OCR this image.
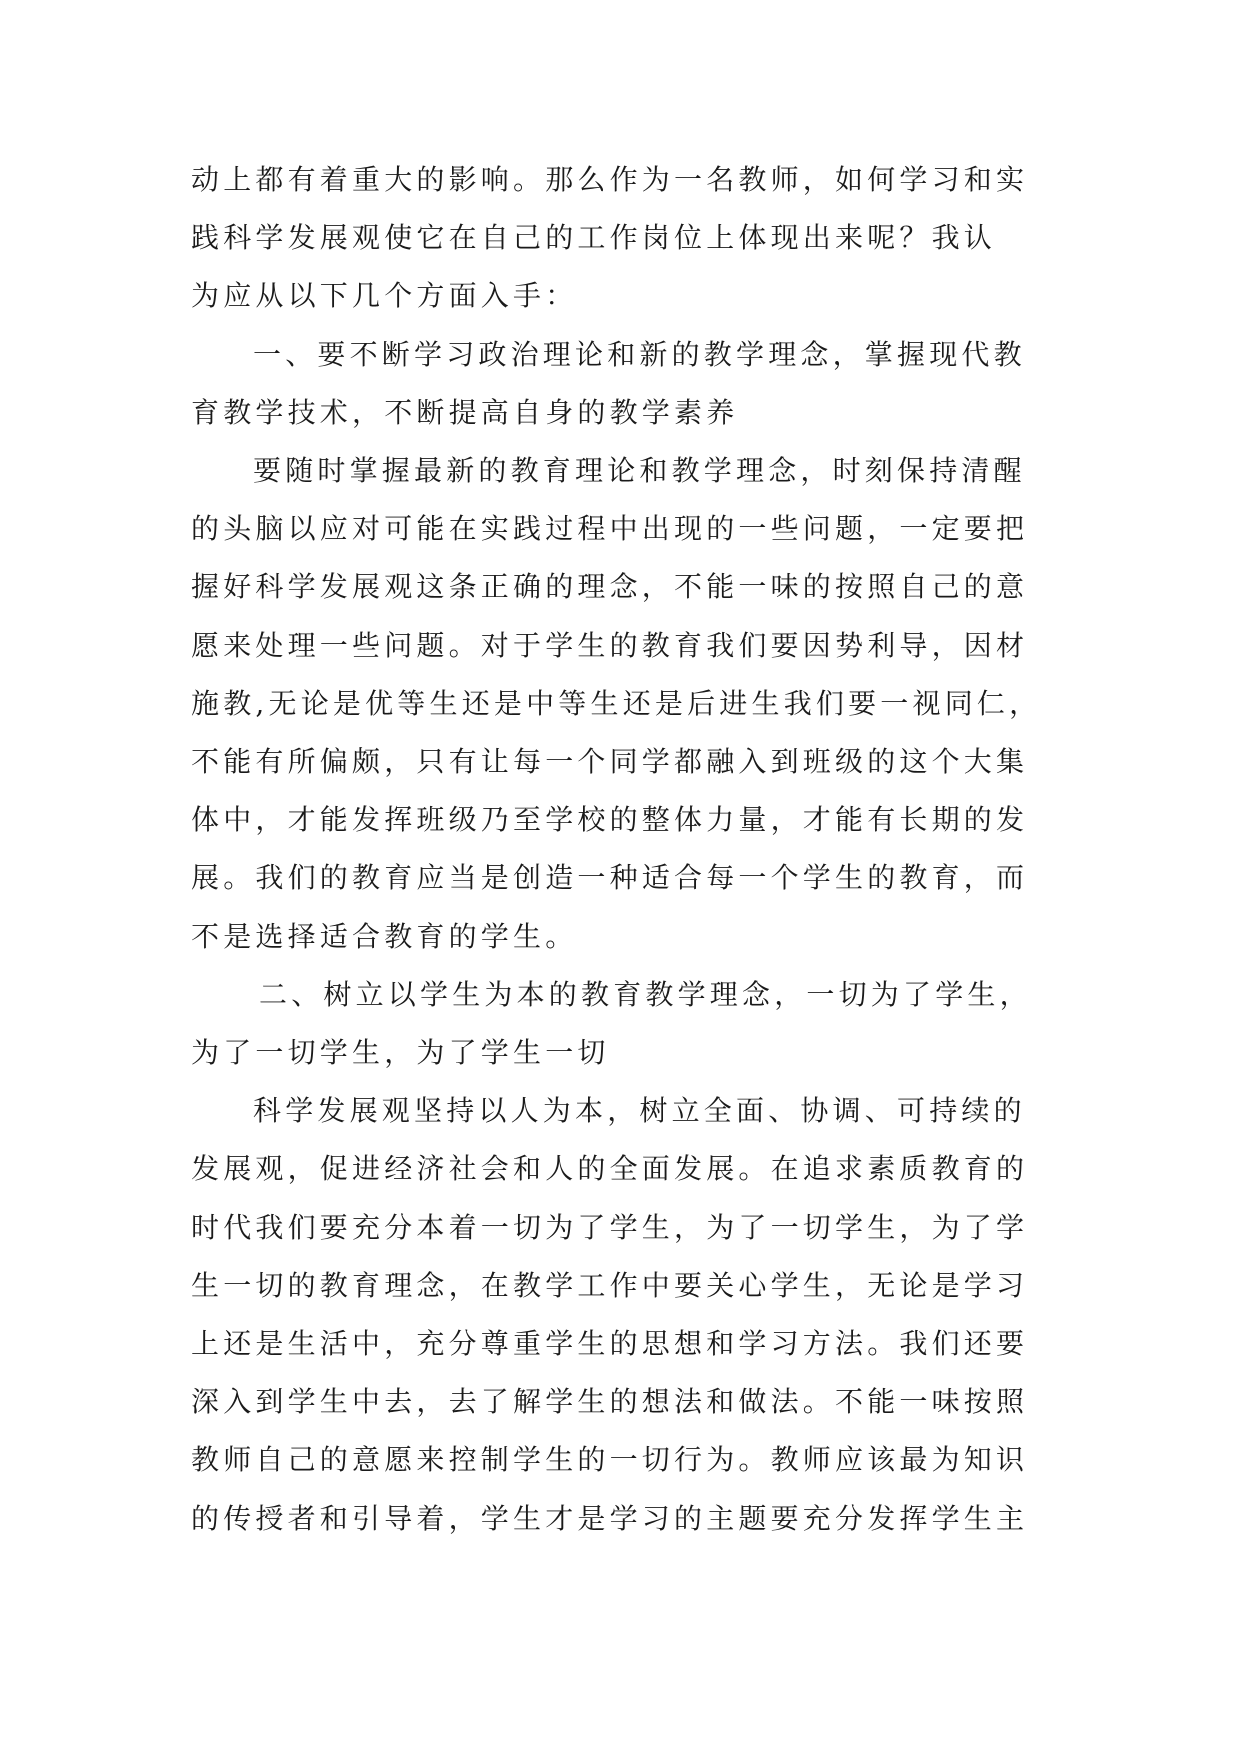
动上都有着重大的影响。那么作为一名教师，如何学习和实
践科学发展观使它在自己的工作岗位上体现出来呢？我认
为应从以下几个方面入手：
一、要不断学习政治理论和新的教学理念，掌握现代教
育教学技术，不断提高自身的教学素养
要随时掌握最新的教育理论和教学理念，时刻保持清醒
的头脑以应对可能在实践过程中出现的一些问题，一定要把
握好科学发展观这条正确的理念，不能一味的按照自己的意
愿来处理一些问题。对于学生的教育我们要因势利导，因材
施教,无论是优等生还是中等生还是后进生我们要一视同仁，
不能有所偏颇，只有让每一个同学都融入到班级的这个大集
体中，才能发挥班级乃至学校的整体力量，才能有长期的发
展。我们的教育应当是创造一种适合每一个学生的教育，而
不是选择适合教育的学生。
二、树立以学生为本的教育教学理念，一切为了学生，
为了一切学生，为了学生一切
科学发展观坚持以人为本，树立全面、协调、可持续的
发展观，促进经济社会和人的全面发展。在追求素质教育的
时代我们要充分本着一切为了学生，为了一切学生，为了学
生一切的教育理念，在教学工作中要关心学生，无论是学习
上还是生活中，充分尊重学生的思想和学习方法。我们还要
深入到学生中去，去了解学生的想法和做法。不能一味按照
教师自己的意愿来控制学生的一切行为。教师应该最为知识
的传授者和引导着，学生才是学习的主题要充分发挥学生主
